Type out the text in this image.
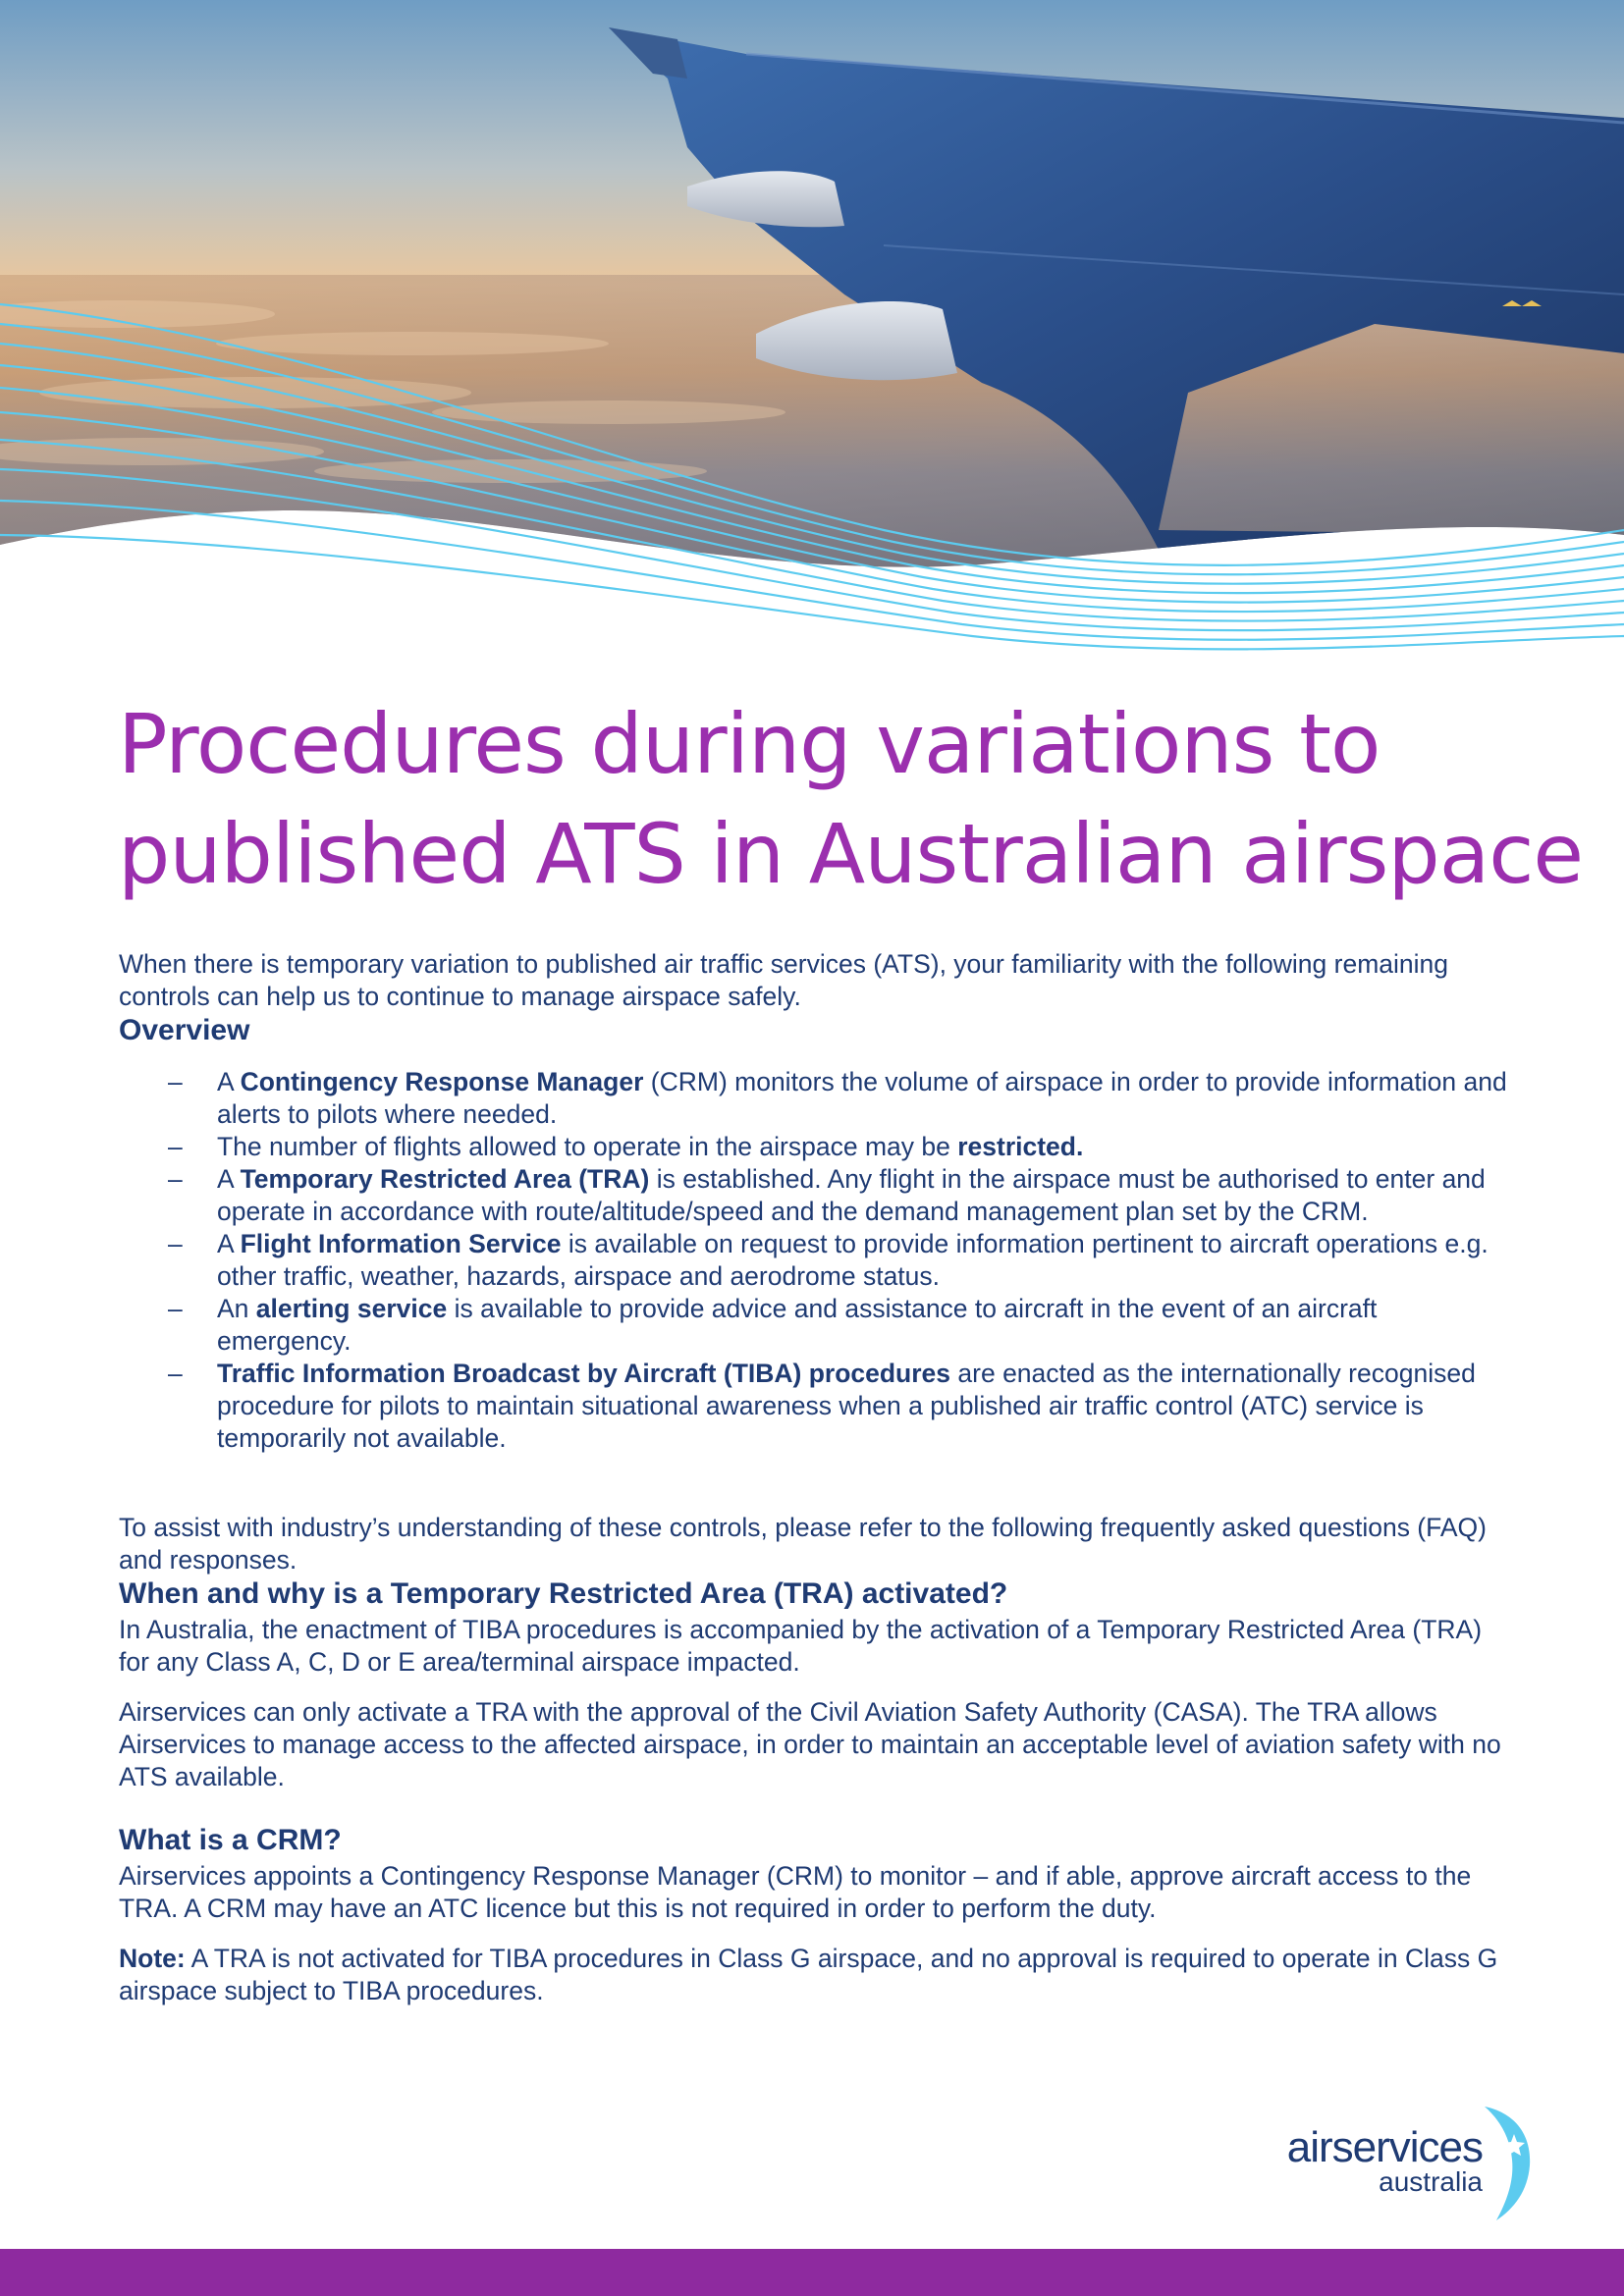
Procedures during variations to
published ATS in Australian airspace

When there is temporary variation to published air traffic services (ATS), your familiarity with the following remaining controls can help us to continue to manage airspace safely.

Overview
– A Contingency Response Manager (CRM) monitors the volume of airspace in order to provide information and alerts to pilots where needed.
– The number of flights allowed to operate in the airspace may be restricted.
– A Temporary Restricted Area (TRA) is established. Any flight in the airspace must be authorised to enter and operate in accordance with route/altitude/speed and the demand management plan set by the CRM.
– A Flight Information Service is available on request to provide information pertinent to aircraft operations e.g. other traffic, weather, hazards, airspace and aerodrome status.
– An alerting service is available to provide advice and assistance to aircraft in the event of an aircraft emergency.
– Traffic Information Broadcast by Aircraft (TIBA) procedures are enacted as the internationally recognised procedure for pilots to maintain situational awareness when a published air traffic control (ATC) service is temporarily not available.

To assist with industry’s understanding of these controls, please refer to the following frequently asked questions (FAQ) and responses.

When and why is a Temporary Restricted Area (TRA) activated?

In Australia, the enactment of TIBA procedures is accompanied by the activation of a Temporary Restricted Area (TRA) for any Class A, C, D or E area/terminal airspace impacted.

Airservices can only activate a TRA with the approval of the Civil Aviation Safety Authority (CASA). The TRA allows Airservices to manage access to the affected airspace, in order to maintain an acceptable level of aviation safety with no ATS available.

What is a CRM?

Airservices appoints a Contingency Response Manager (CRM) to monitor – and if able, approve aircraft access to the TRA. A CRM may have an ATC licence but this is not required in order to perform the duty.

Note: A TRA is not activated for TIBA procedures in Class G airspace, and no approval is required to operate in Class G airspace subject to TIBA procedures.

airservices
australia
